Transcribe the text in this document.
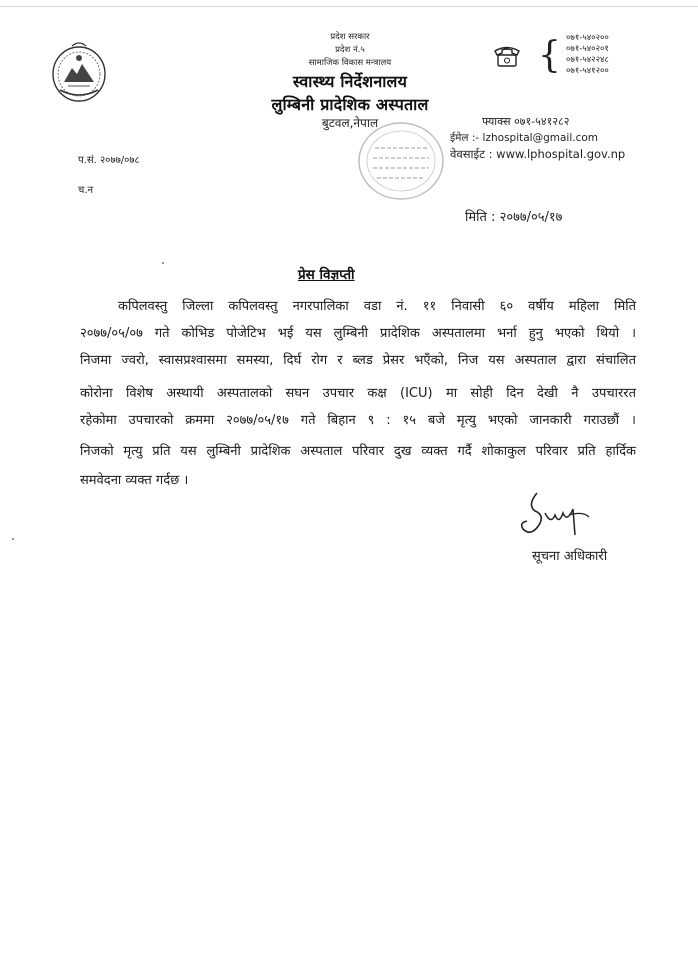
प्रदेश सरकार
प्रदेश नं.५
सामाजिक विकास मन्त्रालय
स्वास्थ्य निर्देशनालय
लुम्बिनी प्रादेशिक अस्पताल
बुटवल,नेपाल
{ ०७१-५४०२००
०७१-५४०२०१
०७१-५४२२४८
०७१-५४१२००
फ्याक्स ०७१-५४१२८२
ईमेल :- lzhospital@gmail.com
वेवसाईट : www.lphospital.gov.np
प.सं. २०७७/०७८
च.न
मिति : २०७७/०५/१७
प्रेस विज्ञप्ती
कपिलवस्तु जिल्ला कपिलवस्तु नगरपालिका वडा नं. ११ निवासी ६० वर्षीय महिला मिति
२०७७/०५/०७ गते कोभिड पोजेटिभ भई यस लुम्बिनी प्रादेशिक अस्पतालमा भर्ना हुनु भएको थियो ।
निजमा ज्वरो, स्वासप्रश्वासमा समस्या, दिर्घ रोग र ब्लड प्रेसर भएँको, निज यस अस्पताल द्वारा संचालित
कोरोना विशेष अस्थायी अस्पतालको सघन उपचार कक्ष (ICU) मा सोही दिन देखी नै उपचाररत
रहेकोमा उपचारको क्रममा २०७७/०५/१७ गते बिहान ९ : १५ बजे मृत्यु भएको जानकारी गराउछौं ।
निजको मृत्यु प्रति यस लुम्बिनी प्रादेशिक अस्पताल परिवार दुख व्यक्त गर्दै शोकाकुल परिवार प्रति हार्दिक
समवेदना व्यक्त गर्दछ ।
सूचना अधिकारी
